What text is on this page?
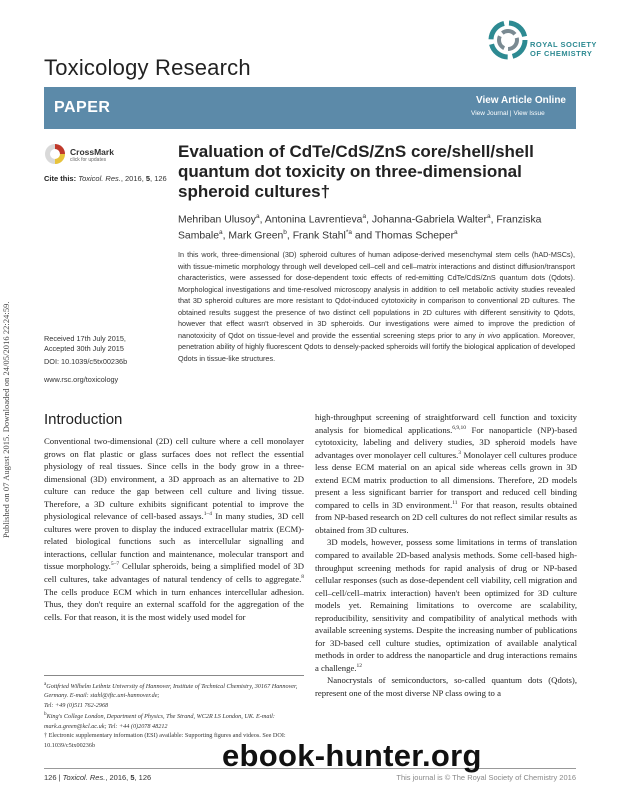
Published on 07 August 2015. Downloaded on 24/05/2016 22:24:59.
Toxicology Research
ROYAL SOCIETY
OF CHEMISTRY
PAPER	View Article Online
View Journal | View Issue
CrossMark
click for updates
Cite this: Toxicol. Res., 2016, 5, 126
Evaluation of CdTe/CdS/ZnS core/shell/shell quantum dot toxicity on three-dimensional spheroid cultures†
Mehriban Ulusoy$^a$, Antonina Lavrentieva$^a$, Johanna-Gabriela Walter$^a$, Franziska Sambale$^a$, Mark Green$^b$, Frank Stahl$^{*a}$ and Thomas Scheper$^a$
In this work, three-dimensional (3D) spheroid cultures of human adipose-derived mesenchymal stem cells (hAD-MSCs), with tissue-mimetic morphology through well developed cell–cell and cell–matrix interactions and distinct diffusion/transport characteristics, were assessed for dose-dependent toxic effects of red-emitting CdTe/CdS/ZnS quantum dots (Qdots). Morphological investigations and time-resolved microscopy analysis in addition to cell metabolic activity studies revealed that 3D spheroid cultures are more resistant to Qdot-induced cytotoxicity in comparison to conventional 2D cultures. The obtained results suggest the presence of two distinct cell populations in 2D cultures with different sensitivity to Qdots, however that effect wasn't observed in 3D spheroids. Our investigations were aimed to improve the prediction of nanotoxicity of Qdot on tissue-level and provide the essential screening steps prior to any in vivo application. Moreover, penetration ability of highly fluorescent Qdots to densely-packed spheroids will fortify the biological application of developed Qdots in tissue-like structures.
Received 17th July 2015,
Accepted 30th July 2015
DOI: 10.1039/c5tx00236b
www.rsc.org/toxicology
Introduction

Conventional two-dimensional (2D) cell culture where a cell monolayer grows on flat plastic or glass surfaces does not reflect the essential physiology of real tissues. Since cells in the body grow in a three-dimensional (3D) environment, a 3D approach as an alternative to 2D culture can reduce the gap between cell culture and living tissue. Therefore, a 3D culture exhibits significant potential to improve the physiological relevance of cell-based assays.$^{1-4}$ In many studies, 3D cell cultures were proven to display the induced extracellular matrix (ECM)-related biological functions such as intercellular signalling and interactions, cellular function and maintenance, molecular transport and tissue morphology.$^{5-7}$ Cellular spheroids, being a simplified model of 3D cell cultures, take advantages of natural tendency of cells to aggregate.$^8$ The cells produce ECM which in turn enhances intercellular adhesion. Thus, they don't require an external scaffold for the aggregation of the cells. For that reason, it is the most widely used model for

high-throughput screening of straightforward cell function and toxicity analysis for biomedical applications.$^{6,9,10}$ For nanoparticle (NP)-based cytotoxicity, labeling and delivery studies, 3D spheroid models have advantages over monolayer cell cultures.$^3$ Monolayer cell cultures produce less dense ECM material on an apical side whereas cells grown in 3D extend ECM matrix production to all dimensions. Therefore, 2D models present a less significant barrier for transport and reduced cell binding compared to cells in 3D environment.$^{11}$ For that reason, results obtained from NP-based research on 2D cell cultures do not reflect similar results as obtained from 3D cultures.

3D models, however, possess some limitations in terms of translation compared to available 2D-based analysis methods. Some cell-based high-throughput screening methods for rapid analysis of drug or NP-based cellular responses (such as dose-dependent cell viability, cell migration and cell–cell/cell–matrix interaction) haven't been optimized for 3D culture models yet. Remaining limitations to overcome are scalability, reproducibility, sensitivity and compatibility of analytical methods with available screening systems. Despite the increasing number of publications for 3D-based cell culture studies, optimization of available analytical methods in order to address the nanoparticle and drug interactions remains a challenge.$^{12}$

Nanocrystals of semiconductors, so-called quantum dots (Qdots), represent one of the most diverse NP class owing to a

$^a$Gottfried Wilhelm Leibniz University of Hannover, Institute of Technical Chemistry, 30167 Hannover, Germany. E-mail: stahl@iftc.uni-hannover.de;
Tel: +49 (0)511 762-2968
$^b$King's College London, Department of Physics, The Strand, WC2R LS London, UK. E-mail: mark.a.green@kcl.ac.uk; Tel: +44 (0)2078 48212
† Electronic supplementary information (ESI) available: Supporting figures and videos. See DOI: 10.1039/c5tx00236b
126 | Toxicol. Res., 2016, 5, 126	This journal is © The Royal Society of Chemistry 2016
ebook-hunter.org
